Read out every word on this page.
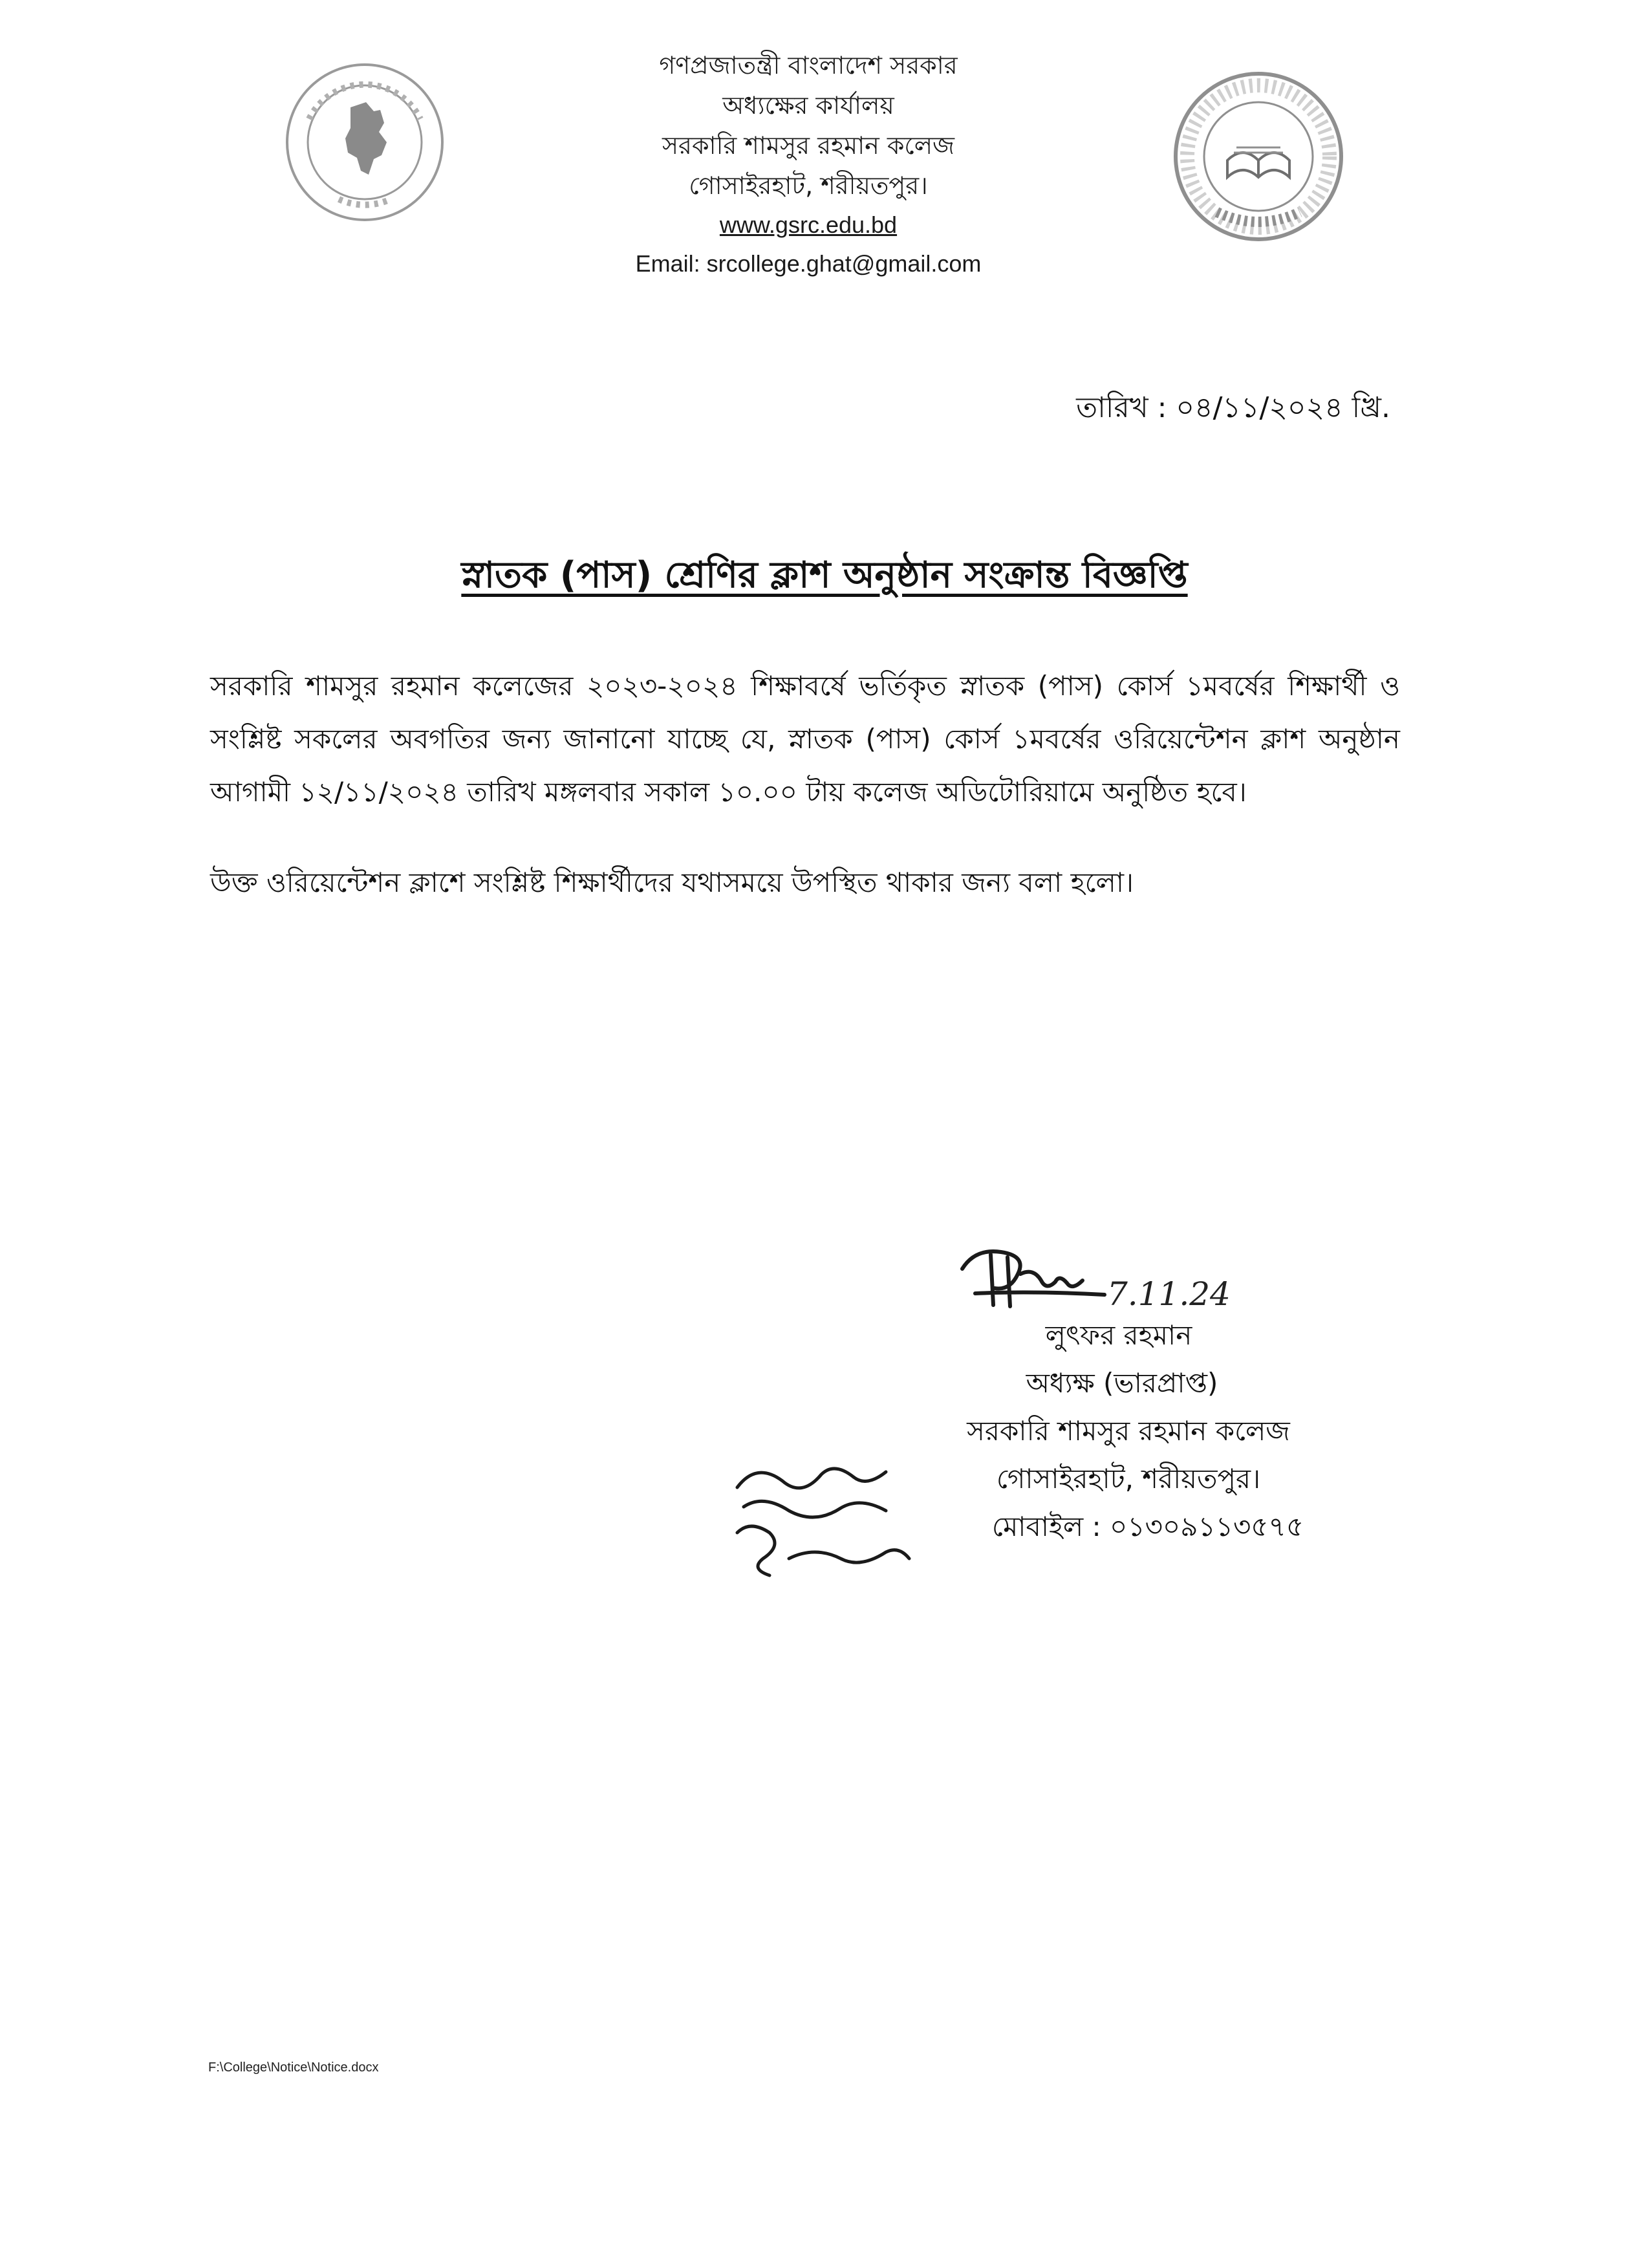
গণপ্রজাতন্ত্রী বাংলাদেশ সরকার
অধ্যক্ষের কার্যালয়
সরকারি শামসুর রহমান কলেজ
গোসাইরহাট, শরীয়তপুর।
www.gsrc.edu.bd
Email: srcollege.ghat@gmail.com
তারিখ : ০৪/১১/২০২৪ খ্রি.
স্নাতক (পাস) শ্রেণির ক্লাশ অনুষ্ঠান সংক্রান্ত বিজ্ঞপ্তি

সরকারি শামসুর রহমান কলেজের ২০২৩-২০২৪ শিক্ষাবর্ষে ভর্তিকৃত স্নাতক (পাস) কোর্স ১মবর্ষের শিক্ষার্থী ও সংশ্লিষ্ট সকলের অবগতির জন্য জানানো যাচ্ছে যে, স্নাতক (পাস) কোর্স ১মবর্ষের ওরিয়েন্টেশন ক্লাশ অনুষ্ঠান আগামী ১২/১১/২০২৪ তারিখ মঙ্গলবার সকাল ১০.০০ টায় কলেজ অডিটোরিয়ামে অনুষ্ঠিত হবে।

উক্ত ওরিয়েন্টেশন ক্লাশে সংশ্লিষ্ট শিক্ষার্থীদের যথাসময়ে উপস্থিত থাকার জন্য বলা হলো।

7.11.24
লুৎফর রহমান
অধ্যক্ষ (ভারপ্রাপ্ত)
সরকারি শামসুর রহমান কলেজ
গোসাইরহাট, শরীয়তপুর।
মোবাইল : ০১৩০৯১১৩৫৭৫
F:\College\Notice\Notice.docx
